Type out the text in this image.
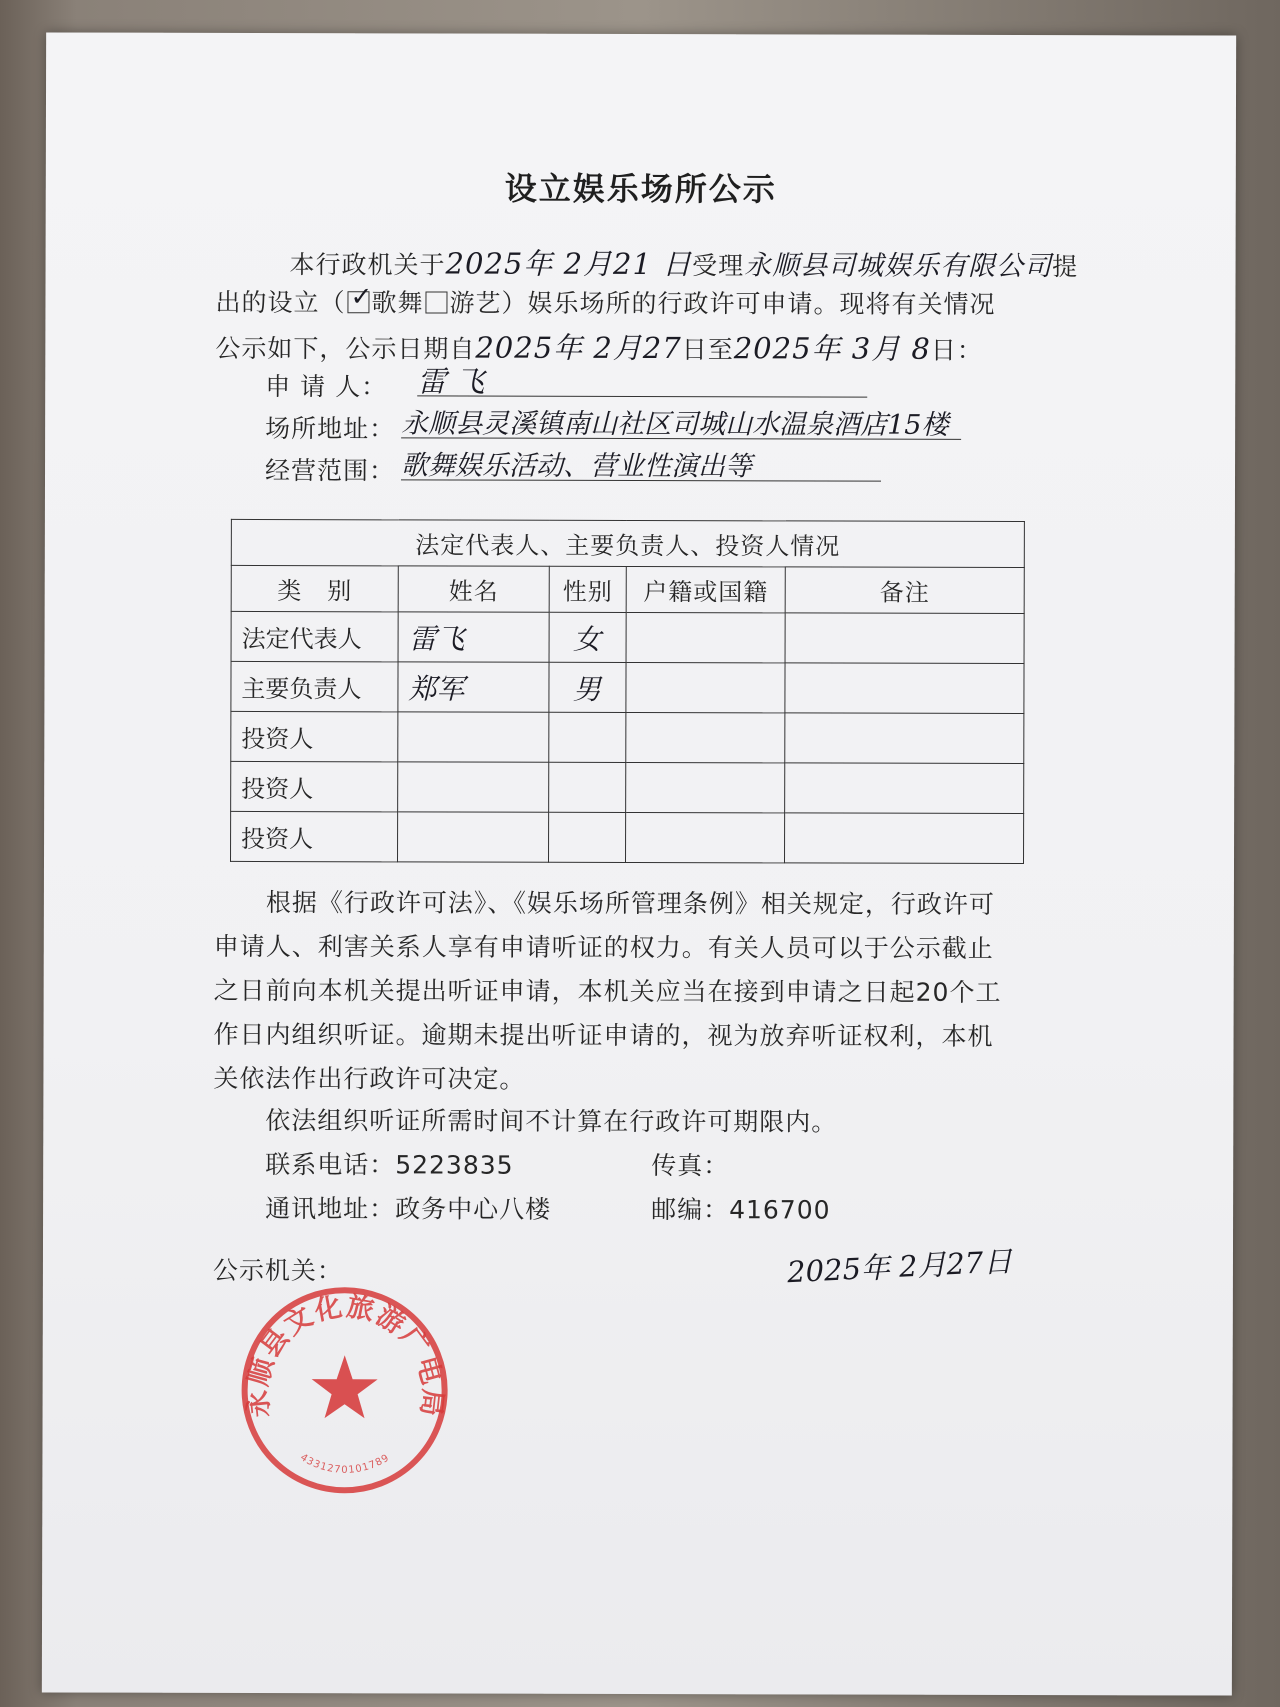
设立娱乐场所公示
本行政机关于2025年 2月21 日受理永顺县司城娱乐有限公司提
出的设立（ ✓
歌舞 游艺）娱乐场所的行政许可申请。现将有关情况
公示如下，公示日期自2025年 2月27日至2025年 3月 8日：
申 请 人： 雷 飞
场所地址： 永顺县灵溪镇南山社区司城山水温泉酒店15楼
经营范围： 歌舞娱乐活动、营业性演出等
法定代表人、主要负责人、投资人情况				
类　别	姓名	性别	户籍或国籍	备注
法定代表人	雷飞	女		
主要负责人	郑军	男		
投资人				
投资人				
投资人				
根据《行政许可法》、《娱乐场所管理条例》相关规定，行政许可
申请人、利害关系人享有申请听证的权力。有关人员可以于公示截止
之日前向本机关提出听证申请，本机关应当在接到申请之日起20个工
作日内组织听证。逾期未提出听证申请的，视为放弃听证权利，本机
关依法作出行政许可决定。
依法组织听证所需时间不计算在行政许可期限内。
联系电话：5223835	传真：
通讯地址：政务中心八楼	邮编：416700
公示机关：	2025年 2月27日
永顺县文化旅游广电局
4331270101789
